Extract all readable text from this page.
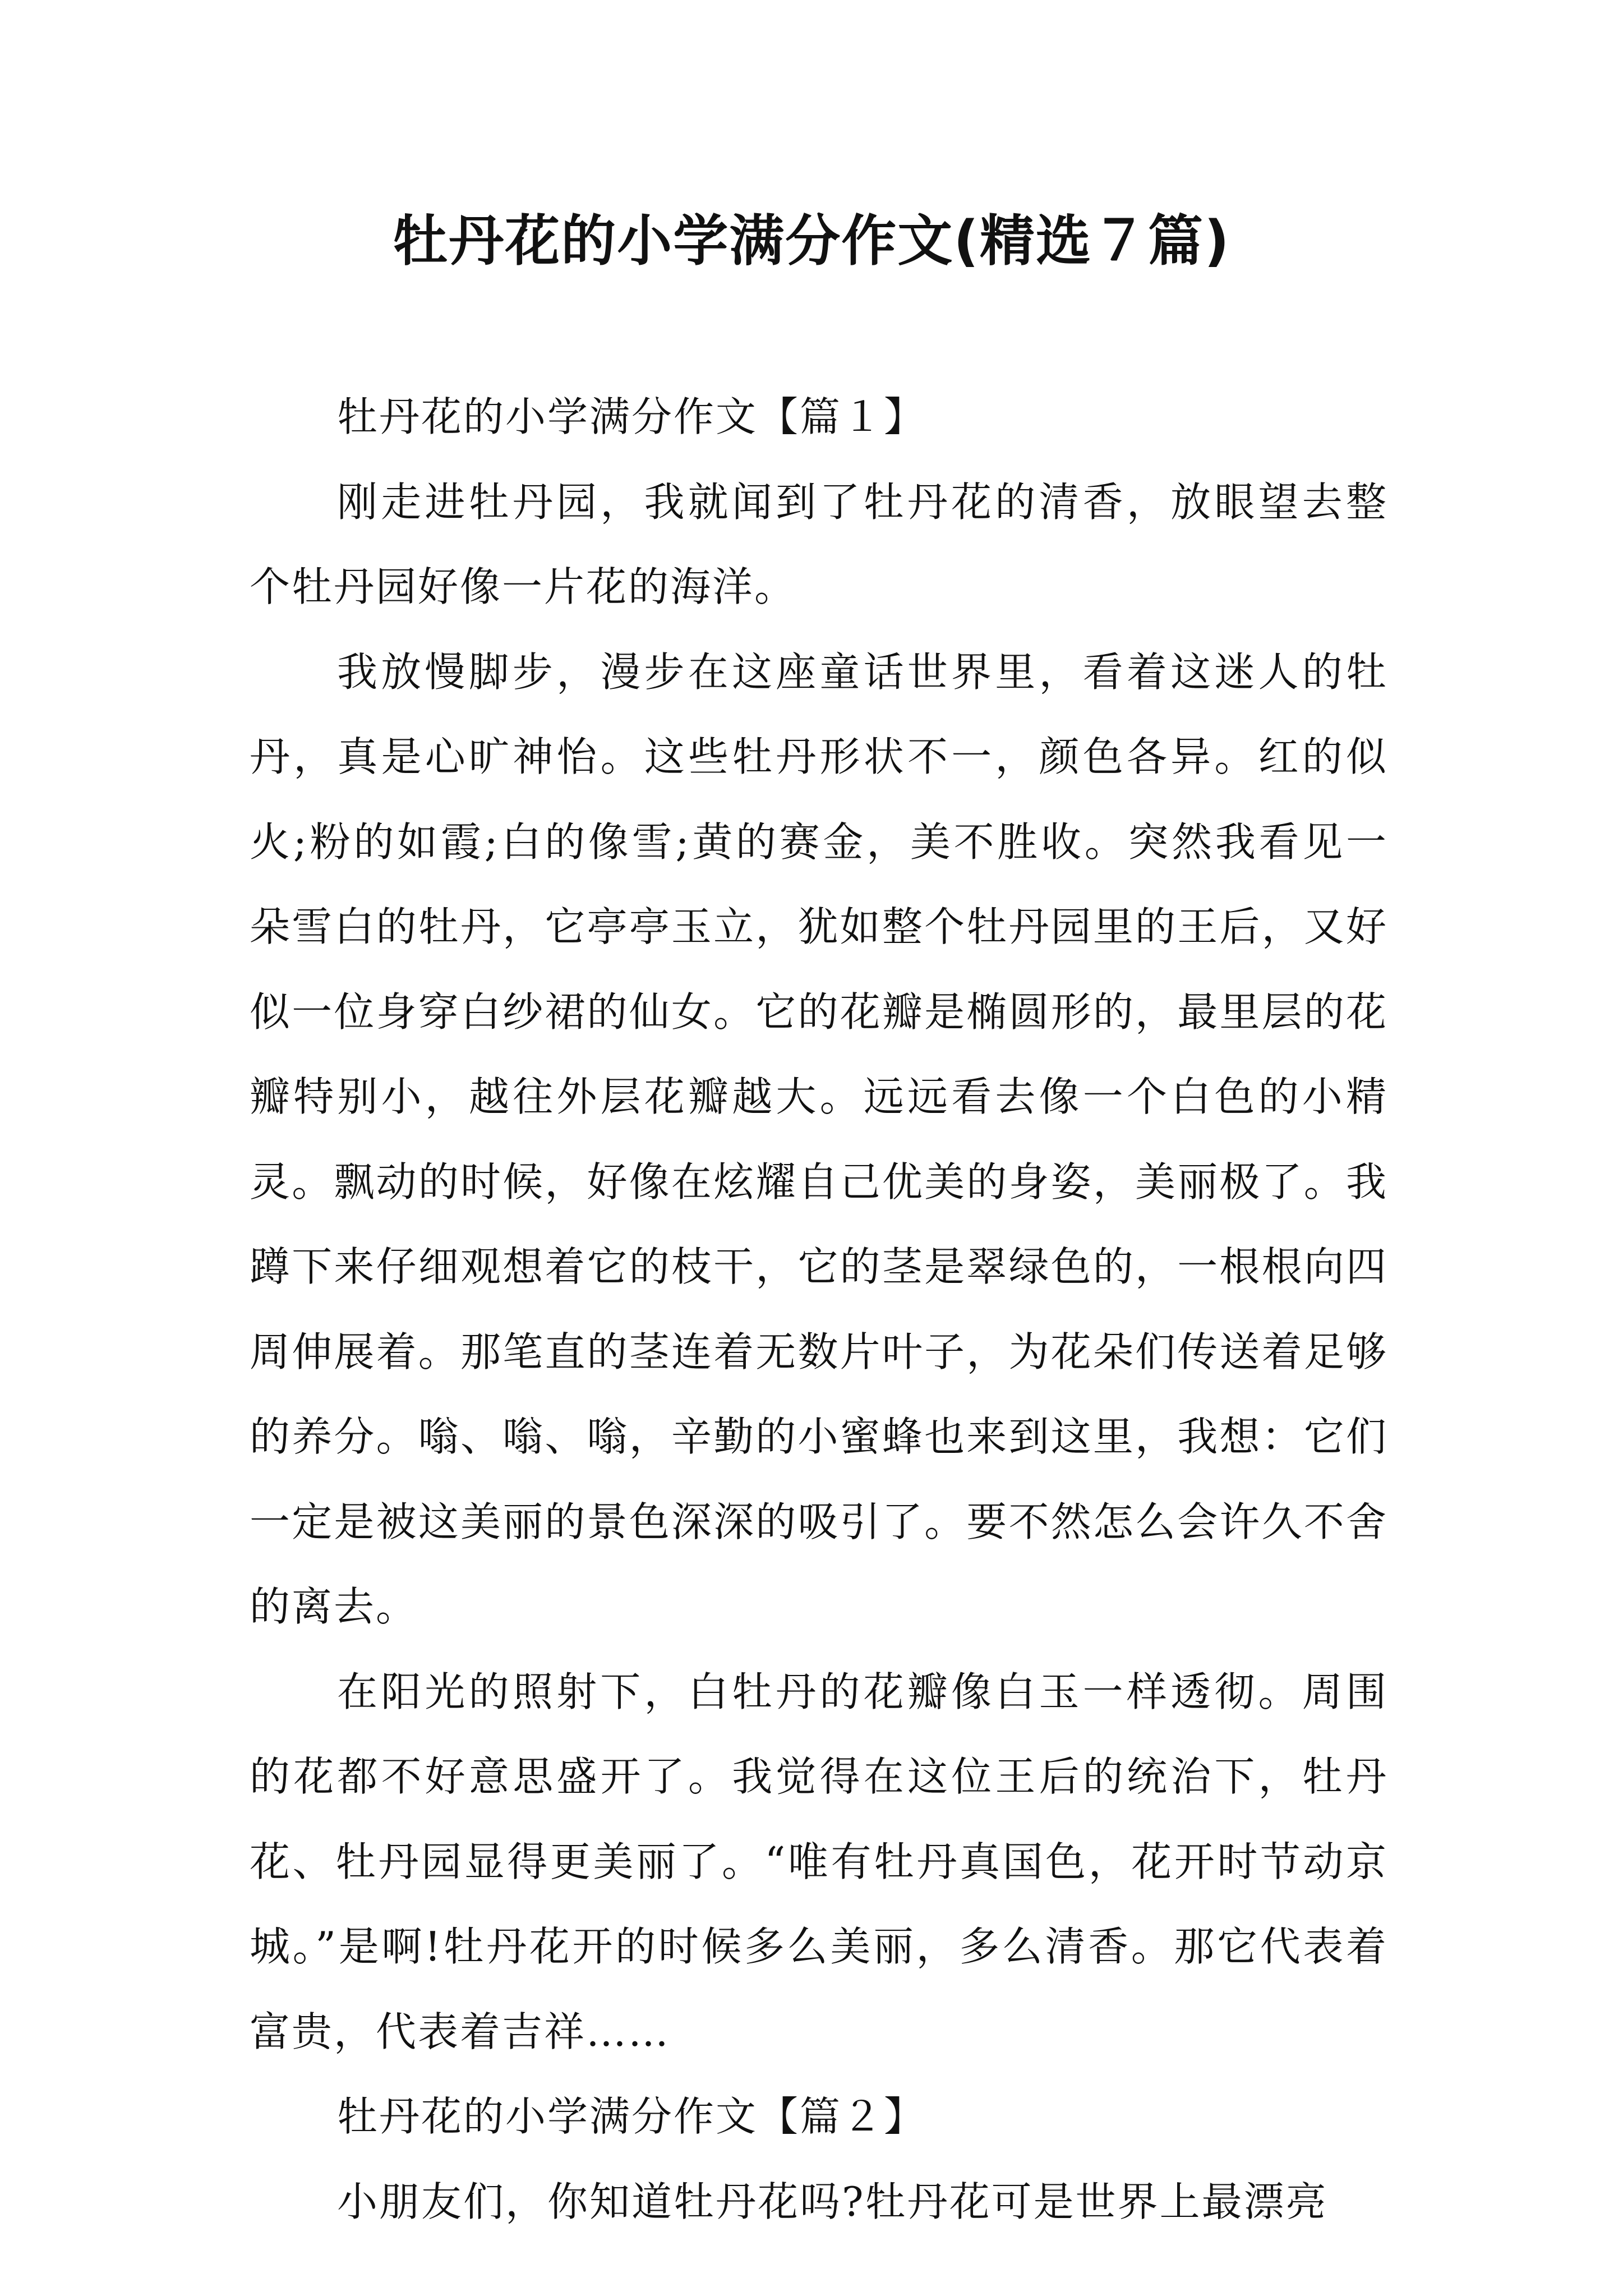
牡丹花的小学满分作文(精选７篇)

牡丹花的小学满分作文【篇１】

刚走进牡丹园，我就闻到了牡丹花的清香，放眼望去整个牡丹园好像一片花的海洋。

我放慢脚步，漫步在这座童话世界里，看着这迷人的牡丹，真是心旷神怡。这些牡丹形状不一，颜色各异。红的似火;粉的如霞;白的像雪;黄的赛金，美不胜收。突然我看见一朵雪白的牡丹，它亭亭玉立，犹如整个牡丹园里的王后，又好似一位身穿白纱裙的仙女。它的花瓣是椭圆形的，最里层的花瓣特别小，越往外层花瓣越大。远远看去像一个白色的小精灵。飘动的时候，好像在炫耀自己优美的身姿，美丽极了。我蹲下来仔细观想着它的枝干，它的茎是翠绿色的，一根根向四周伸展着。那笔直的茎连着无数片叶子，为花朵们传送着足够的养分。嗡、嗡、嗡，辛勤的小蜜蜂也来到这里，我想：它们一定是被这美丽的景色深深的吸引了。要不然怎么会许久不舍的离去。

在阳光的照射下，白牡丹的花瓣像白玉一样透彻。周围的花都不好意思盛开了。我觉得在这位王后的统治下，牡丹花、牡丹园显得更美丽了。“唯有牡丹真国色，花开时节动京城。”是啊!牡丹花开的时候多么美丽，多么清香。那它代表着富贵，代表着吉祥……

牡丹花的小学满分作文【篇２】

小朋友们，你知道牡丹花吗?牡丹花可是世界上最漂亮
